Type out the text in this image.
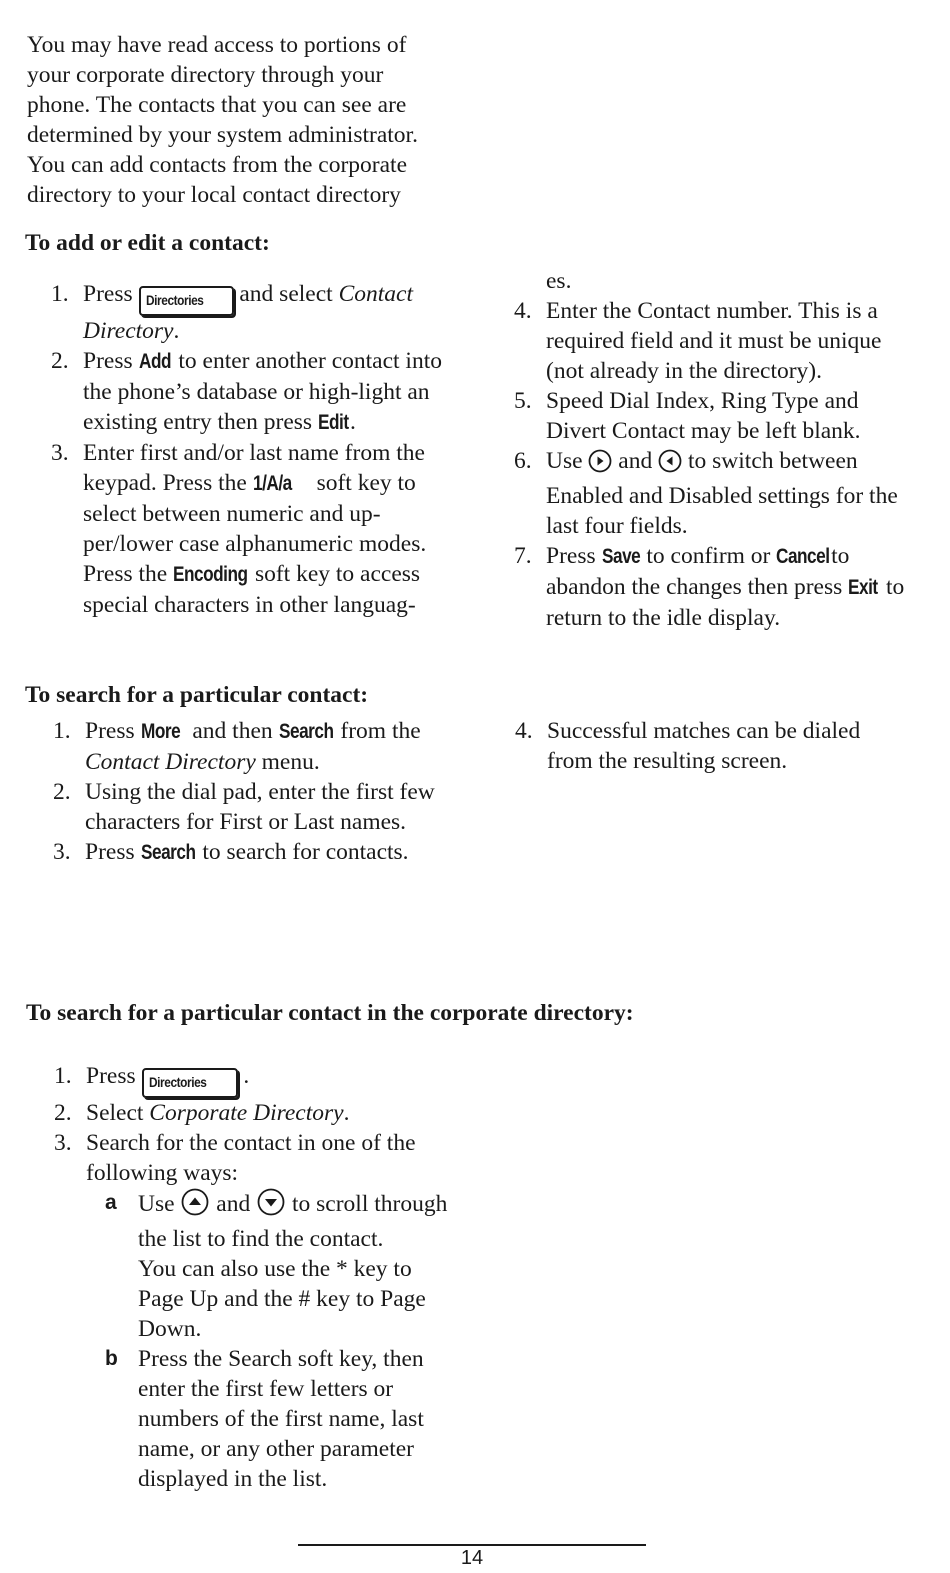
You may have read access to portions of your corporate directory through your phone. The contacts that you can see are determined by your system administrator. You can add contacts from the corporate directory to your local contact directory

To add or edit a contact:

1. Press Directories and select Contact Directory.
2. Press Add to enter another contact into the phone’s database or high-light an existing entry then press Edit.
3. Enter first and/or last name from the keypad. Press the 1/A/a soft key to select between numeric and up-per/lower case alphanumeric modes. Press the Encoding soft key to access special characters in other languag-
es.
4. Enter the Contact number. This is a required field and it must be unique (not already in the directory).
5. Speed Dial Index, Ring Type and Divert Contact may be left blank.
6. Use and to switch between Enabled and Disabled settings for the last four fields.
7. Press Save to confirm or Cancel to abandon the changes then press Exit to return to the idle display.

To search for a particular contact:

1. Press More and then Search from the Contact Directory menu.
2. Using the dial pad, enter the first few characters for First or Last names.
3. Press Search to search for contacts.
4. Successful matches can be dialed from the resulting screen.

To search for a particular contact in the corporate directory:

1. Press Directories .
2. Select Corporate Directory.
3. Search for the contact in one of the following ways:
a Use and to scroll through the list to find the contact.
You can also use the * key to Page Up and the # key to Page Down.
b Press the Search soft key, then enter the first few letters or numbers of the first name, last name, or any other parameter displayed in the list.
14
